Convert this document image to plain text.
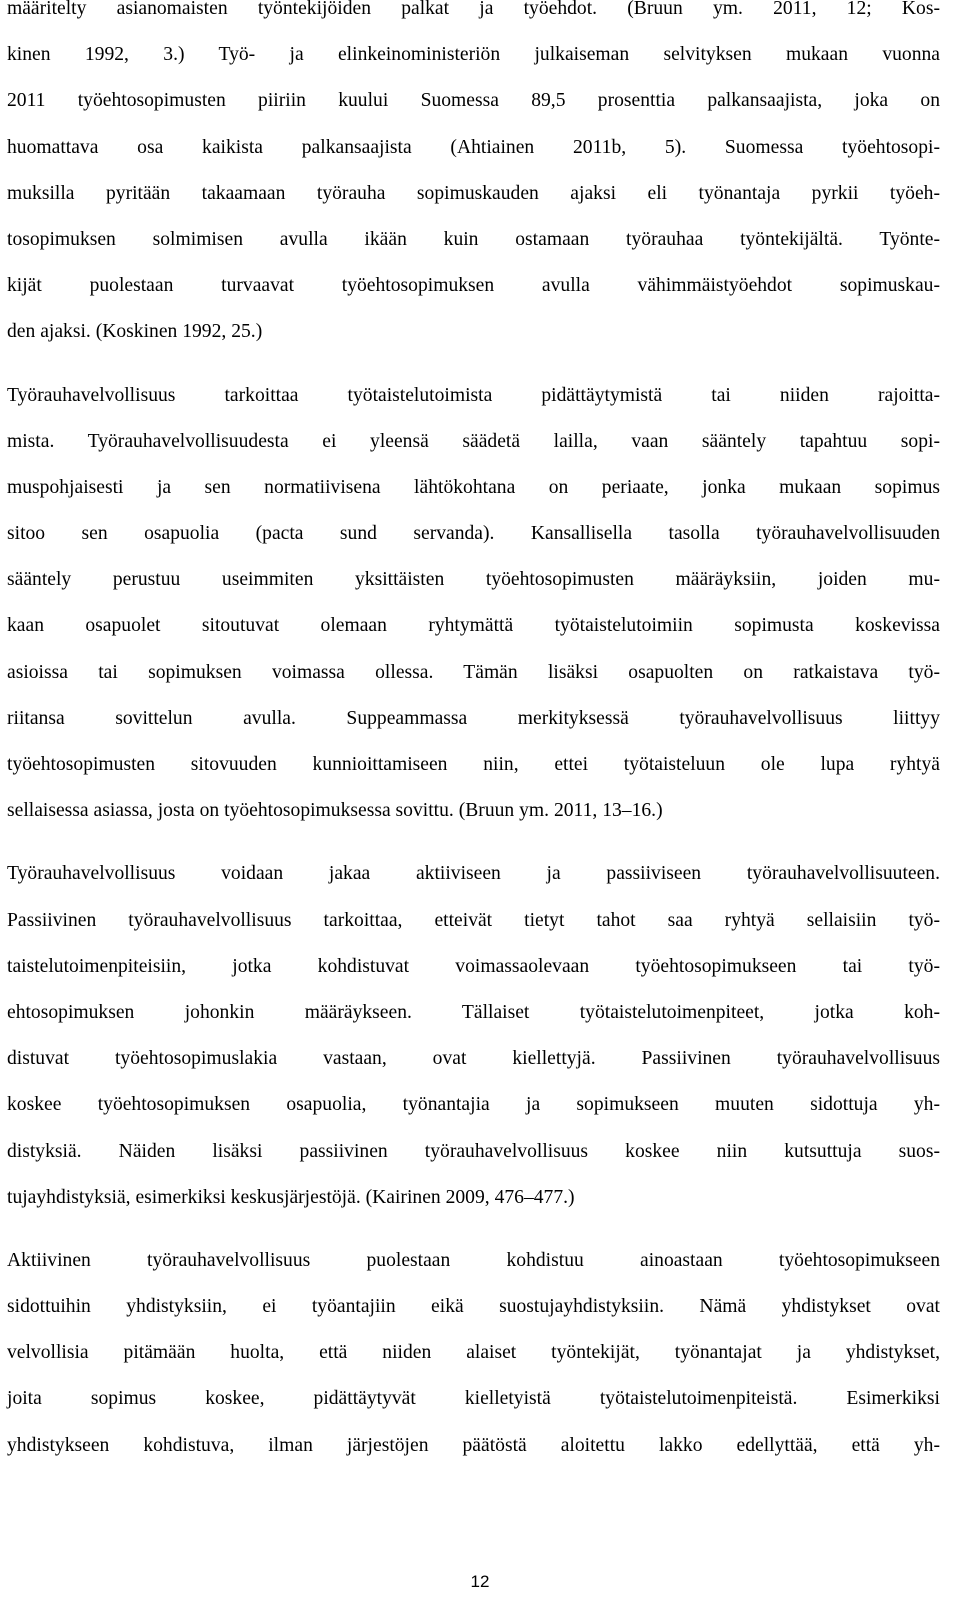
määritelty asianomaisten työntekijöiden palkat ja työehdot. (Bruun ym. 2011, 12; Kos-
kinen 1992, 3.) Työ- ja elinkeinoministeriön julkaiseman selvityksen mukaan vuonna
2011 työehtosopimusten piiriin kuului Suomessa 89,5 prosenttia palkansaajista, joka on
huomattava osa kaikista palkansaajista (Ahtiainen 2011b, 5). Suomessa työehtosopi-
muksilla pyritään takaamaan työrauha sopimuskauden ajaksi eli työnantaja pyrkii työeh-
tosopimuksen solmimisen avulla ikään kuin ostamaan työrauhaa työntekijältä. Työnte-
kijät puolestaan turvaavat työehtosopimuksen avulla vähimmäistyöehdot sopimuskau-
den ajaksi. (Koskinen 1992, 25.)
Työrauhavelvollisuus tarkoittaa työtaistelutoimista pidättäytymistä tai niiden rajoitta-
mista. Työrauhavelvollisuudesta ei yleensä säädetä lailla, vaan sääntely tapahtuu sopi-
muspohjaisesti ja sen normatiivisena lähtökohtana on periaate, jonka mukaan sopimus
sitoo sen osapuolia (pacta sund servanda). Kansallisella tasolla työrauhavelvollisuuden
sääntely perustuu useimmiten yksittäisten työehtosopimusten määräyksiin, joiden mu-
kaan osapuolet sitoutuvat olemaan ryhtymättä työtaistelutoimiin sopimusta koskevissa
asioissa tai sopimuksen voimassa ollessa. Tämän lisäksi osapuolten on ratkaistava työ-
riitansa sovittelun avulla. Suppeammassa merkityksessä työrauhavelvollisuus liittyy
työehtosopimusten sitovuuden kunnioittamiseen niin, ettei työtaisteluun ole lupa ryhtyä
sellaisessa asiassa, josta on työehtosopimuksessa sovittu. (Bruun ym. 2011, 13–16.)
Työrauhavelvollisuus voidaan jakaa aktiiviseen ja passiiviseen työrauhavelvollisuuteen.
Passiivinen työrauhavelvollisuus tarkoittaa, etteivät tietyt tahot saa ryhtyä sellaisiin työ-
taistelutoimenpiteisiin, jotka kohdistuvat voimassaolevaan työehtosopimukseen tai työ-
ehtosopimuksen johonkin määräykseen. Tällaiset työtaistelutoimenpiteet, jotka koh-
distuvat työehtosopimuslakia vastaan, ovat kiellettyjä. Passiivinen työrauhavelvollisuus
koskee työehtosopimuksen osapuolia, työnantajia ja sopimukseen muuten sidottuja yh-
distyksiä. Näiden lisäksi passiivinen työrauhavelvollisuus koskee niin kutsuttuja suos-
tujayhdistyksiä, esimerkiksi keskusjärjestöjä. (Kairinen 2009, 476–477.)
Aktiivinen työrauhavelvollisuus puolestaan kohdistuu ainoastaan työehtosopimukseen
sidottuihin yhdistyksiin, ei työantajiin eikä suostujayhdistyksiin. Nämä yhdistykset ovat
velvollisia pitämään huolta, että niiden alaiset työntekijät, työnantajat ja yhdistykset,
joita sopimus koskee, pidättäytyvät kielletyistä työtaistelutoimenpiteistä. Esimerkiksi
yhdistykseen kohdistuva, ilman järjestöjen päätöstä aloitettu lakko edellyttää, että yh-
12
